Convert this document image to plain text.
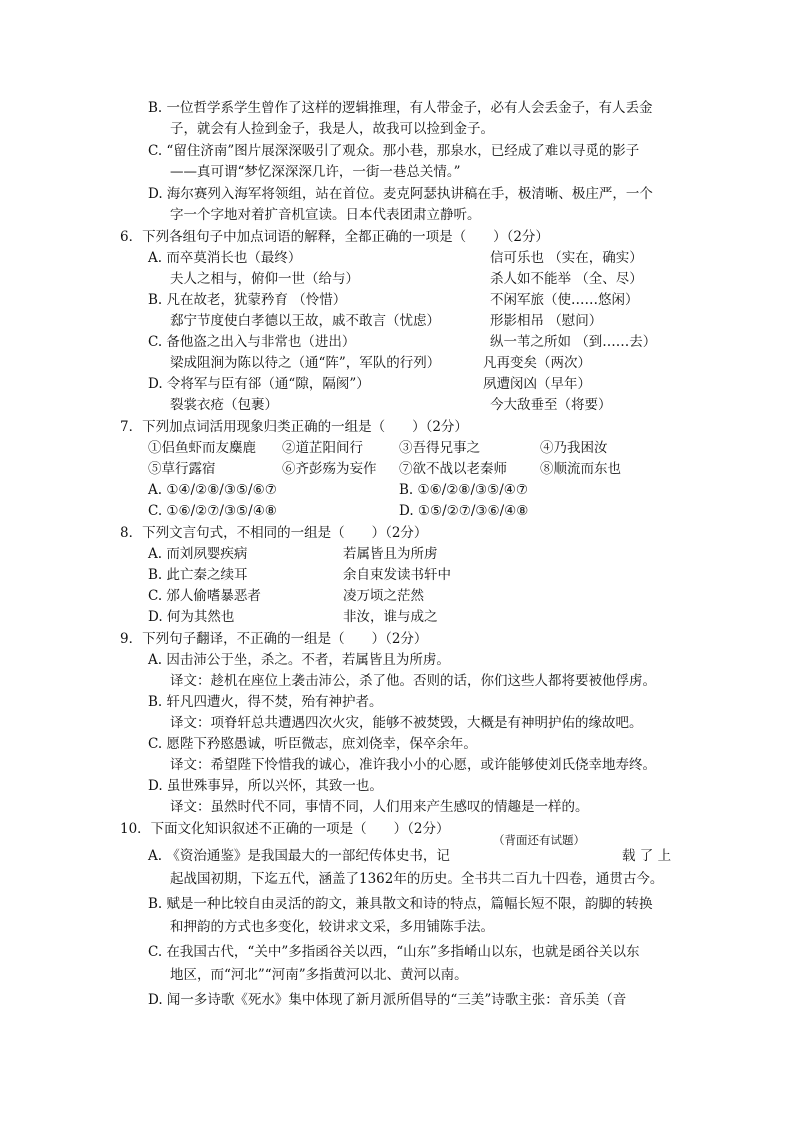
B. 一位哲学系学生曾作了这样的逻辑推理，有人带金子，必有人会丢金子，有人丢金
子，就会有人捡到金子，我是人，故我可以捡到金子。
C. “留住济南”图片展深深吸引了观众。那小巷，那泉水，已经成了难以寻觅的影子
——真可谓“梦忆深深深几许，一街一巷总关情。”
D. 海尔赛列入海军将领组，站在首位。麦克阿瑟执讲稿在手，极清晰、极庄严，一个
字一个字地对着扩音机宣读。日本代表团肃立静听。
6．下列各组句子中加点词语的解释，全都正确的一项是（　　）（2分）
A. 而卒莫消长也（最终）	信可乐也 （实在，确实）
夫人之相与，俯仰一世（给与）	杀人如不能举 （全、尽）
B. 凡在故老，犹蒙矜育 （怜惜）	不闲军旅（使……悠闲）
郄宁节度使白孝德以王故，戚不敢言（忧虑）	形影相吊 （慰问）
C. 备他盗之出入与非常也（进出）	纵一苇之所如 （到……去）
梁成阻涧为陈以待之（通“阵”，军队的行列）	凡再变矣（两次）
D. 令将军与臣有郤（通“隙，隔阂”）	夙遭闵凶（早年）
裂裳衣疮（包裹）	今大敌垂至（将要）
7．下列加点词活用现象归类正确的一组是（　　）（2分）
①侣鱼虾而友麋鹿 ②道芷阳间行	③吾得兄事之	④乃我困汝
⑤草行露宿	⑥齐彭殇为妄作 ⑦欲不战以老秦师 ⑧顺流而东也
A. ①④/②⑧/③⑤/⑥⑦	B. ①⑥/②⑧/③⑤/④⑦
C. ①⑥/②⑦/③⑤/④⑧	D. ①⑤/②⑦/③⑥/④⑧
8．下列文言句式，不相同的一组是（　　）（2分）
A. 而刘夙婴疾病	若属皆且为所虏
B. 此亡秦之续耳	余自束发读书轩中
C. 邠人偷嗜暴恶者	凌万顷之茫然
D. 何为其然也	非汝，谁与成之
9．下列句子翻译，不正确的一组是（　　）（2分）
A. 因击沛公于坐，杀之。不者，若属皆且为所虏。
译文：趁机在座位上袭击沛公，杀了他。否则的话，你们这些人都将要被他俘虏。
B. 轩凡四遭火，得不焚，殆有神护者。
译文：项脊轩总共遭遇四次火灾，能够不被焚毁，大概是有神明护佑的缘故吧。
C. 愿陛下矜愍愚诚，听臣微志，庶刘侥幸，保卒余年。
译文：希望陛下怜惜我的诚心，准许我小小的心愿，或许能够使刘氏侥幸地寿终。
D. 虽世殊事异，所以兴怀，其致一也。
译文：虽然时代不同，事情不同，人们用来产生感叹的情趣是一样的。
10．下面文化知识叙述不正确的一项是（　　）（2分）
A. 《资治通鉴》是我国最大的一部纪传体史书，记	载 了 上
起战国初期，下迄五代，涵盖了1362年的历史。全书共二百九十四卷，通贯古今。
B. 赋是一种比较自由灵活的韵文，兼具散文和诗的特点，篇幅长短不限，韵脚的转换
和押韵的方式也多变化，较讲求文采，多用铺陈手法。
C. 在我国古代，“关中”多指函谷关以西，“山东”多指崤山以东，也就是函谷关以东
地区，而“河北”“河南”多指黄河以北、黄河以南。
D. 闻一多诗歌《死水》集中体现了新月派所倡导的“三美”诗歌主张：音乐美（音
（背面还有试题）
